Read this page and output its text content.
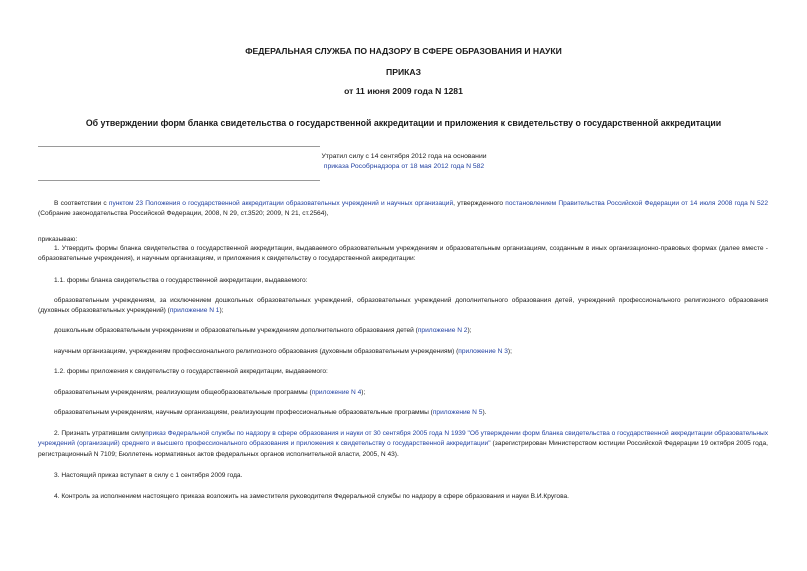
ФЕДЕРАЛЬНАЯ СЛУЖБА ПО НАДЗОРУ В СФЕРЕ ОБРАЗОВАНИЯ И НАУКИ
ПРИКАЗ
от 11 июня 2009 года N 1281
Об утверждении форм бланка свидетельства о государственной аккредитации и приложения к свидетельству о государственной аккредитации
Утратил силу с 14 сентября 2012 года на основании
приказа Рособрнадзора от 18 мая 2012 года N 582
В соответствии с пунктом 23 Положения о государственной аккредитации образовательных учреждений и научных организаций, утвержденного постановлением Правительства Российской Федерации от 14 июля 2008 года N 522 (Собрание законодательства Российской Федерации, 2008, N 29, ст.3520; 2009, N 21, ст.2564),
приказываю:
1. Утвердить формы бланка свидетельства о государственной аккредитации, выдаваемого образовательным учреждениям и образовательным организациям, созданным в иных организационно-правовых формах (далее вместе - образовательные учреждения), и научным организациям, и приложения к свидетельству о государственной аккредитации:
1.1. формы бланка свидетельства о государственной аккредитации, выдаваемого:
образовательным учреждениям, за исключением дошкольных образовательных учреждений, образовательных учреждений дополнительного образования детей, учреждений профессионального религиозного образования (духовных образовательных учреждений) (приложение N 1);
дошкольным образовательным учреждениям и образовательным учреждениям дополнительного образования детей (приложение N 2);
научным организациям, учреждениям профессионального религиозного образования (духовным образовательным учреждениям) (приложение N 3);
1.2. формы приложения к свидетельству о государственной аккредитации, выдаваемого:
образовательным учреждениям, реализующим общеобразовательные программы (приложение N 4);
образовательным учреждениям, научным организациям, реализующим профессиональные образовательные программы (приложение N 5).
2. Признать утратившим силуприказ Федеральной службы по надзору в сфере образования и науки от 30 сентября 2005 года N 1939 "Об утверждении форм бланка свидетельства о государственной аккредитации образовательных учреждений (организаций) среднего и высшего профессионального образования и приложения к свидетельству о государственной аккредитации" (зарегистрирован Министерством юстиции Российской Федерации 19 октября 2005 года, регистрационный N 7109; Бюллетень нормативных актов федеральных органов исполнительной власти, 2005, N 43).
3. Настоящий приказ вступает в силу с 1 сентября 2009 года.
4. Контроль за исполнением настоящего приказа возложить на заместителя руководителя Федеральной службы по надзору в сфере образования и науки В.И.Кругова.
